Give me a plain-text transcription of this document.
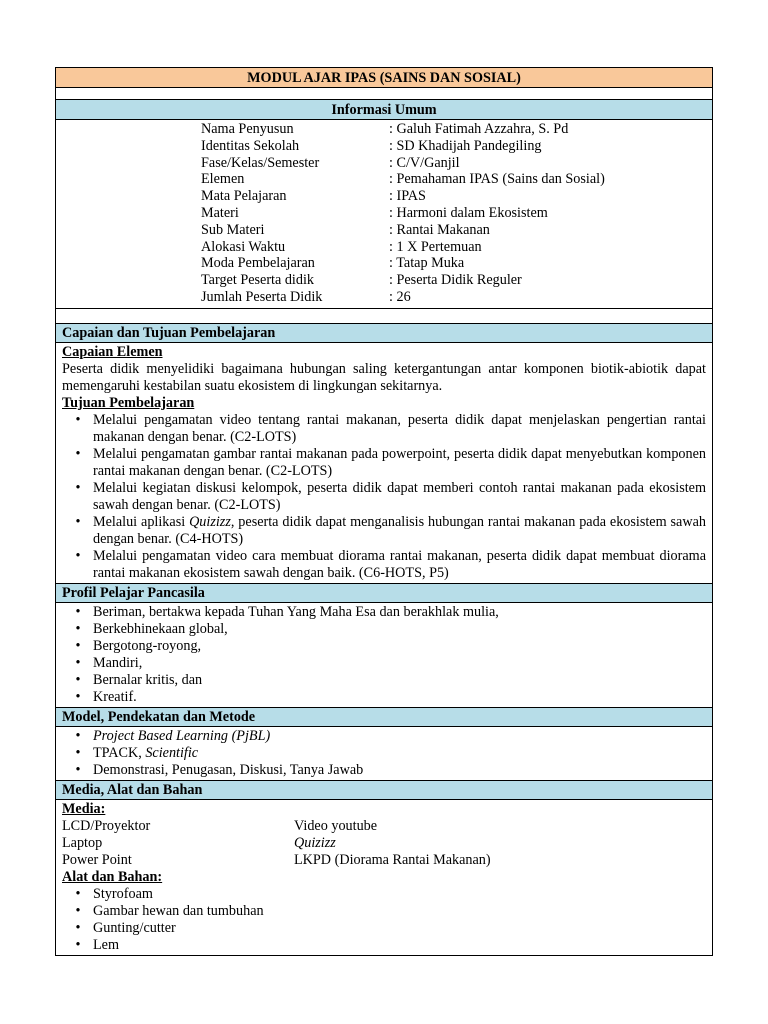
MODUL AJAR IPAS (SAINS DAN SOSIAL)
Informasi Umum
Nama Penyusun	: Galuh Fatimah Azzahra, S. Pd
Identitas Sekolah	: SD Khadijah Pandegiling
Fase/Kelas/Semester	: C/V/Ganjil
Elemen	: Pemahaman IPAS (Sains dan Sosial)
Mata Pelajaran	: IPAS
Materi	: Harmoni dalam Ekosistem
Sub Materi	: Rantai Makanan
Alokasi Waktu	: 1 X Pertemuan
Moda Pembelajaran	: Tatap Muka
Target Peserta didik	: Peserta Didik Reguler
Jumlah Peserta Didik	: 26
Capaian dan Tujuan Pembelajaran
Capaian Elemen
Peserta didik menyelidiki bagaimana hubungan saling ketergantungan antar komponen biotik-abiotik dapat memengaruhi kestabilan suatu ekosistem di lingkungan sekitarnya.
Tujuan Pembelajaran
• Melalui pengamatan video tentang rantai makanan, peserta didik dapat menjelaskan pengertian rantai makanan dengan benar. (C2-LOTS)
• Melalui pengamatan gambar rantai makanan pada powerpoint, peserta didik dapat menyebutkan komponen rantai makanan dengan benar. (C2-LOTS)
• Melalui kegiatan diskusi kelompok, peserta didik dapat memberi contoh rantai makanan pada ekosistem sawah dengan benar. (C2-LOTS)
• Melalui aplikasi Quizizz, peserta didik dapat menganalisis hubungan rantai makanan pada ekosistem sawah dengan benar. (C4-HOTS)
• Melalui pengamatan video cara membuat diorama rantai makanan, peserta didik dapat membuat diorama rantai makanan ekosistem sawah dengan baik. (C6-HOTS, P5)
Profil Pelajar Pancasila
• Beriman, bertakwa kepada Tuhan Yang Maha Esa dan berakhlak mulia,
• Berkebhinekaan global,
• Bergotong-royong,
• Mandiri,
• Bernalar kritis, dan
• Kreatif.
Model, Pendekatan dan Metode
• Project Based Learning (PjBL)
• TPACK, Scientific
• Demonstrasi, Penugasan, Diskusi, Tanya Jawab
Media, Alat dan Bahan
Media:
LCD/Proyektor	Video youtube
Laptop	Quizizz
Power Point	LKPD (Diorama Rantai Makanan)
Alat dan Bahan:
• Styrofoam
• Gambar hewan dan tumbuhan
• Gunting/cutter
• Lem
